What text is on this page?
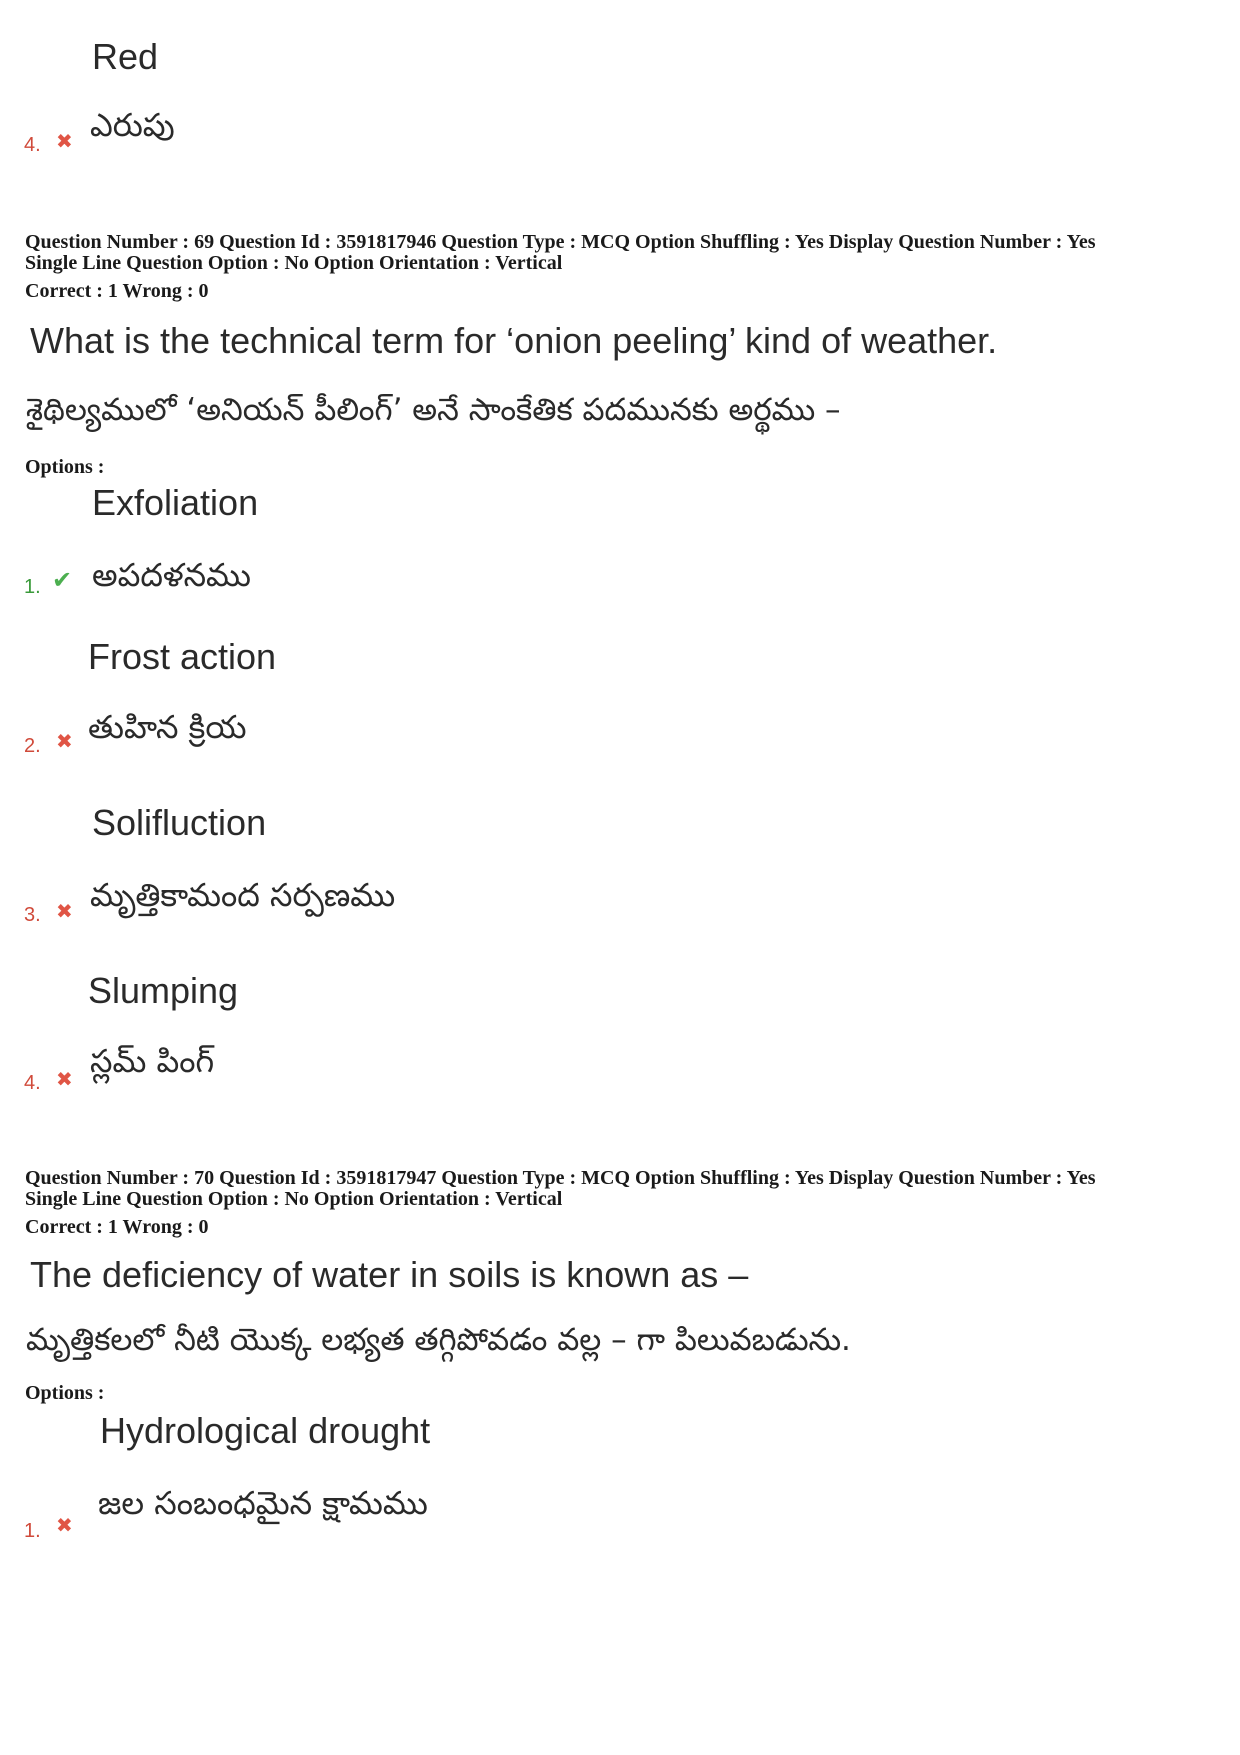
Red
ఎరుపు
4. ✖
Question Number : 69 Question Id : 3591817946 Question Type : MCQ Option Shuffling : Yes Display Question Number : Yes
Single Line Question Option : No Option Orientation : Vertical
Correct : 1 Wrong : 0
What is the technical term for ‘onion peeling’ kind of weather.
శైథిల్యములో ‘అనియన్ పీలింగ్’ అనే సాంకేతిక పదమునకు అర్థము –
Options :
Exfoliation
అపదళనము
1. ✔
Frost action
తుహిన క్రియ
2. ✖
Solifluction
మృత్తికామంద సర్పణము
3. ✖
Slumping
స్లమ్ పింగ్
4. ✖
Question Number : 70 Question Id : 3591817947 Question Type : MCQ Option Shuffling : Yes Display Question Number : Yes
Single Line Question Option : No Option Orientation : Vertical
Correct : 1 Wrong : 0
The deficiency of water in soils is known as –
మృత్తికలలో నీటి యొక్క లభ్యత తగ్గిపోవడం వల్ల – గా పిలువబడును.
Options :
Hydrological drought
జల సంబంధమైన క్షామము
1. ✖
